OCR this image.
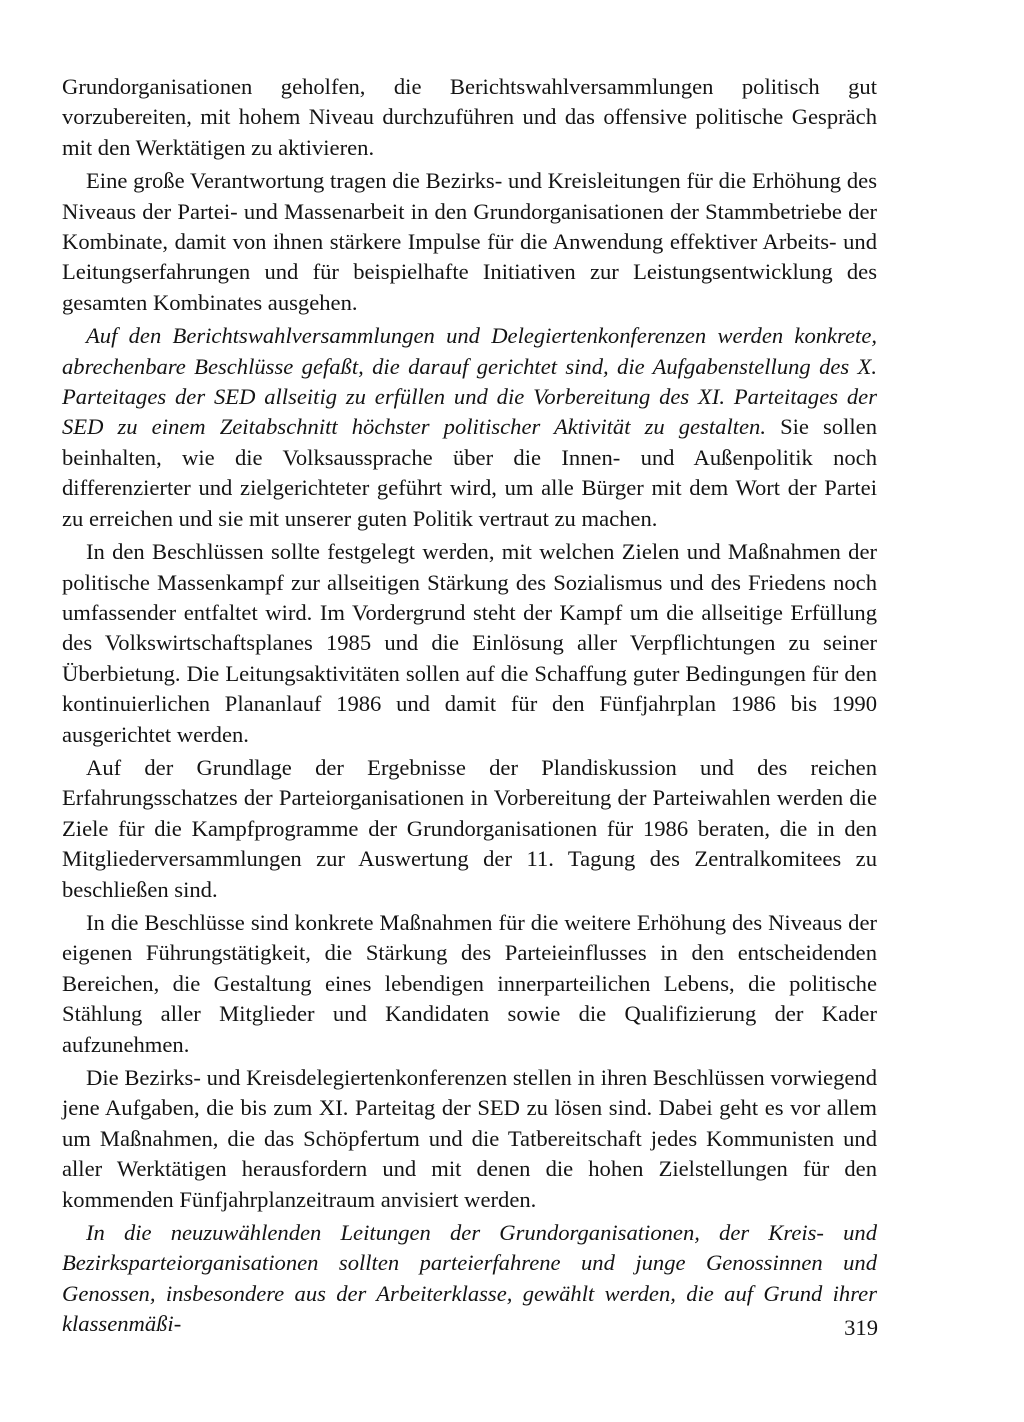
Grundorganisationen geholfen, die Berichtswahlversammlungen politisch gut vorzubereiten, mit hohem Niveau durchzuführen und das offensive politische Gespräch mit den Werktätigen zu aktivieren.

Eine große Verantwortung tragen die Bezirks- und Kreisleitungen für die Erhöhung des Niveaus der Partei- und Massenarbeit in den Grundorganisationen der Stammbetriebe der Kombinate, damit von ihnen stärkere Impulse für die Anwendung effektiver Arbeits- und Leitungserfahrungen und für beispielhafte Initiativen zur Leistungsentwicklung des gesamten Kombinates ausgehen.

Auf den Berichtswahlversammlungen und Delegiertenkonferenzen werden konkrete, abrechenbare Beschlüsse gefaßt, die darauf gerichtet sind, die Aufgabenstellung des X. Parteitages der SED allseitig zu erfüllen und die Vorbereitung des XI. Parteitages der SED zu einem Zeitabschnitt höchster politischer Aktivität zu gestalten. Sie sollen beinhalten, wie die Volksaussprache über die Innen- und Außenpolitik noch differenzierter und zielgerichteter geführt wird, um alle Bürger mit dem Wort der Partei zu erreichen und sie mit unserer guten Politik vertraut zu machen.

In den Beschlüssen sollte festgelegt werden, mit welchen Zielen und Maßnahmen der politische Massenkampf zur allseitigen Stärkung des Sozialismus und des Friedens noch umfassender entfaltet wird. Im Vordergrund steht der Kampf um die allseitige Erfüllung des Volkswirtschaftsplanes 1985 und die Einlösung aller Verpflichtungen zu seiner Überbietung. Die Leitungsaktivitäten sollen auf die Schaffung guter Bedingungen für den kontinuierlichen Plananlauf 1986 und damit für den Fünfjahrplan 1986 bis 1990 ausgerichtet werden.

Auf der Grundlage der Ergebnisse der Plandiskussion und des reichen Erfahrungsschatzes der Parteiorganisationen in Vorbereitung der Parteiwahlen werden die Ziele für die Kampfprogramme der Grundorganisationen für 1986 beraten, die in den Mitgliederversammlungen zur Auswertung der 11. Tagung des Zentralkomitees zu beschließen sind.

In die Beschlüsse sind konkrete Maßnahmen für die weitere Erhöhung des Niveaus der eigenen Führungstätigkeit, die Stärkung des Parteieinflusses in den entscheidenden Bereichen, die Gestaltung eines lebendigen innerparteilichen Lebens, die politische Stählung aller Mitglieder und Kandidaten sowie die Qualifizierung der Kader aufzunehmen.

Die Bezirks- und Kreisdelegiertenkonferenzen stellen in ihren Beschlüssen vorwiegend jene Aufgaben, die bis zum XI. Parteitag der SED zu lösen sind. Dabei geht es vor allem um Maßnahmen, die das Schöpfertum und die Tatbereitschaft jedes Kommunisten und aller Werktätigen herausfordern und mit denen die hohen Zielstellungen für den kommenden Fünfjahrplanzeitraum anvisiert werden.

In die neuzuwählenden Leitungen der Grundorganisationen, der Kreis- und Bezirksparteiorganisationen sollten parteierfahrene und junge Genossinnen und Genossen, insbesondere aus der Arbeiterklasse, gewählt werden, die auf Grund ihrer klassenmäßi-	319
